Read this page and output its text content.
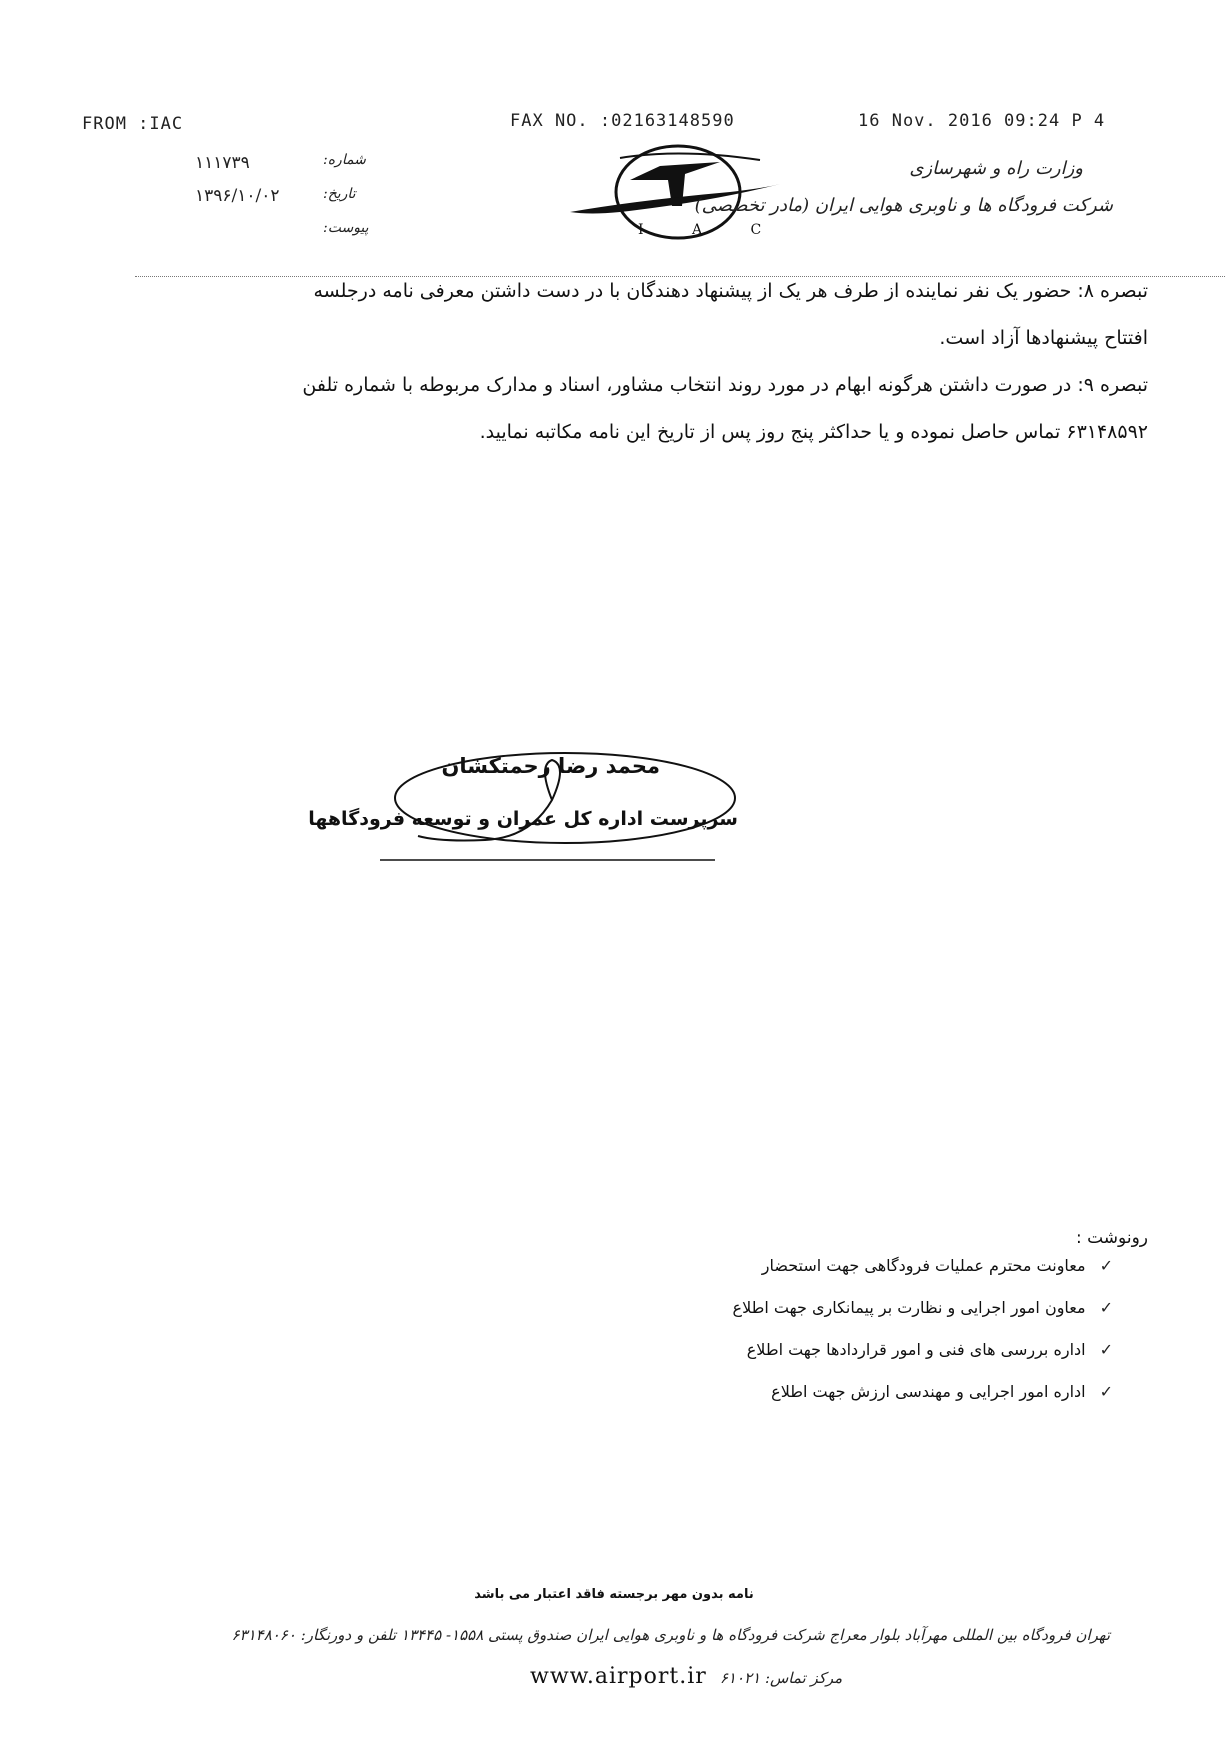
FROM :IAC	FAX NO. :02163148590	16 Nov. 2016 09:24 P 4
۱۱۱۷۳۹	شماره:
۱۳۹۶/۱۰/۰۲	تاریخ:
پیوست:	I A C
وزارت راه و شهرسازی
شرکت فرودگاه ها و ناوبری هوایی ایران (مادر تخصصی)
تبصره ۸: حضور یک نفر نماینده از طرف هر یک از پیشنهاد دهندگان با در دست داشتن معرفی نامه درجلسه
افتتاح پیشنهادها آزاد است.
تبصره ۹: در صورت داشتن هرگونه ابهام در مورد روند انتخاب مشاور، اسناد و مدارک مربوطه با شماره تلفن
۶۳۱۴۸۵۹۲ تماس حاصل نموده و یا حداکثر پنج روز پس از تاریخ این نامه مکاتبه نمایید.
محمد رضا زحمتکشان
سرپرست اداره کل عمران و توسعه فرودگاهها
رونوشت :
✓معاونت محترم عملیات فرودگاهی جهت استحضار
✓معاون امور اجرایی و نظارت بر پیمانکاری جهت اطلاع
✓اداره بررسی های فنی و امور قراردادها جهت اطلاع
✓اداره امور اجرایی و مهندسی ارزش جهت اطلاع
نامه بدون مهر برجسته فاقد اعتبار می باشد
تهران فرودگاه بین المللی مهرآباد بلوار معراج شرکت فرودگاه ها و ناوبری هوایی ایران صندوق پستی ۱۵۵۸- ۱۳۴۴۵ تلفن و دورنگار: ۶۳۱۴۸۰۶۰
www.airport.ir مرکز تماس: ۶۱۰۲۱
